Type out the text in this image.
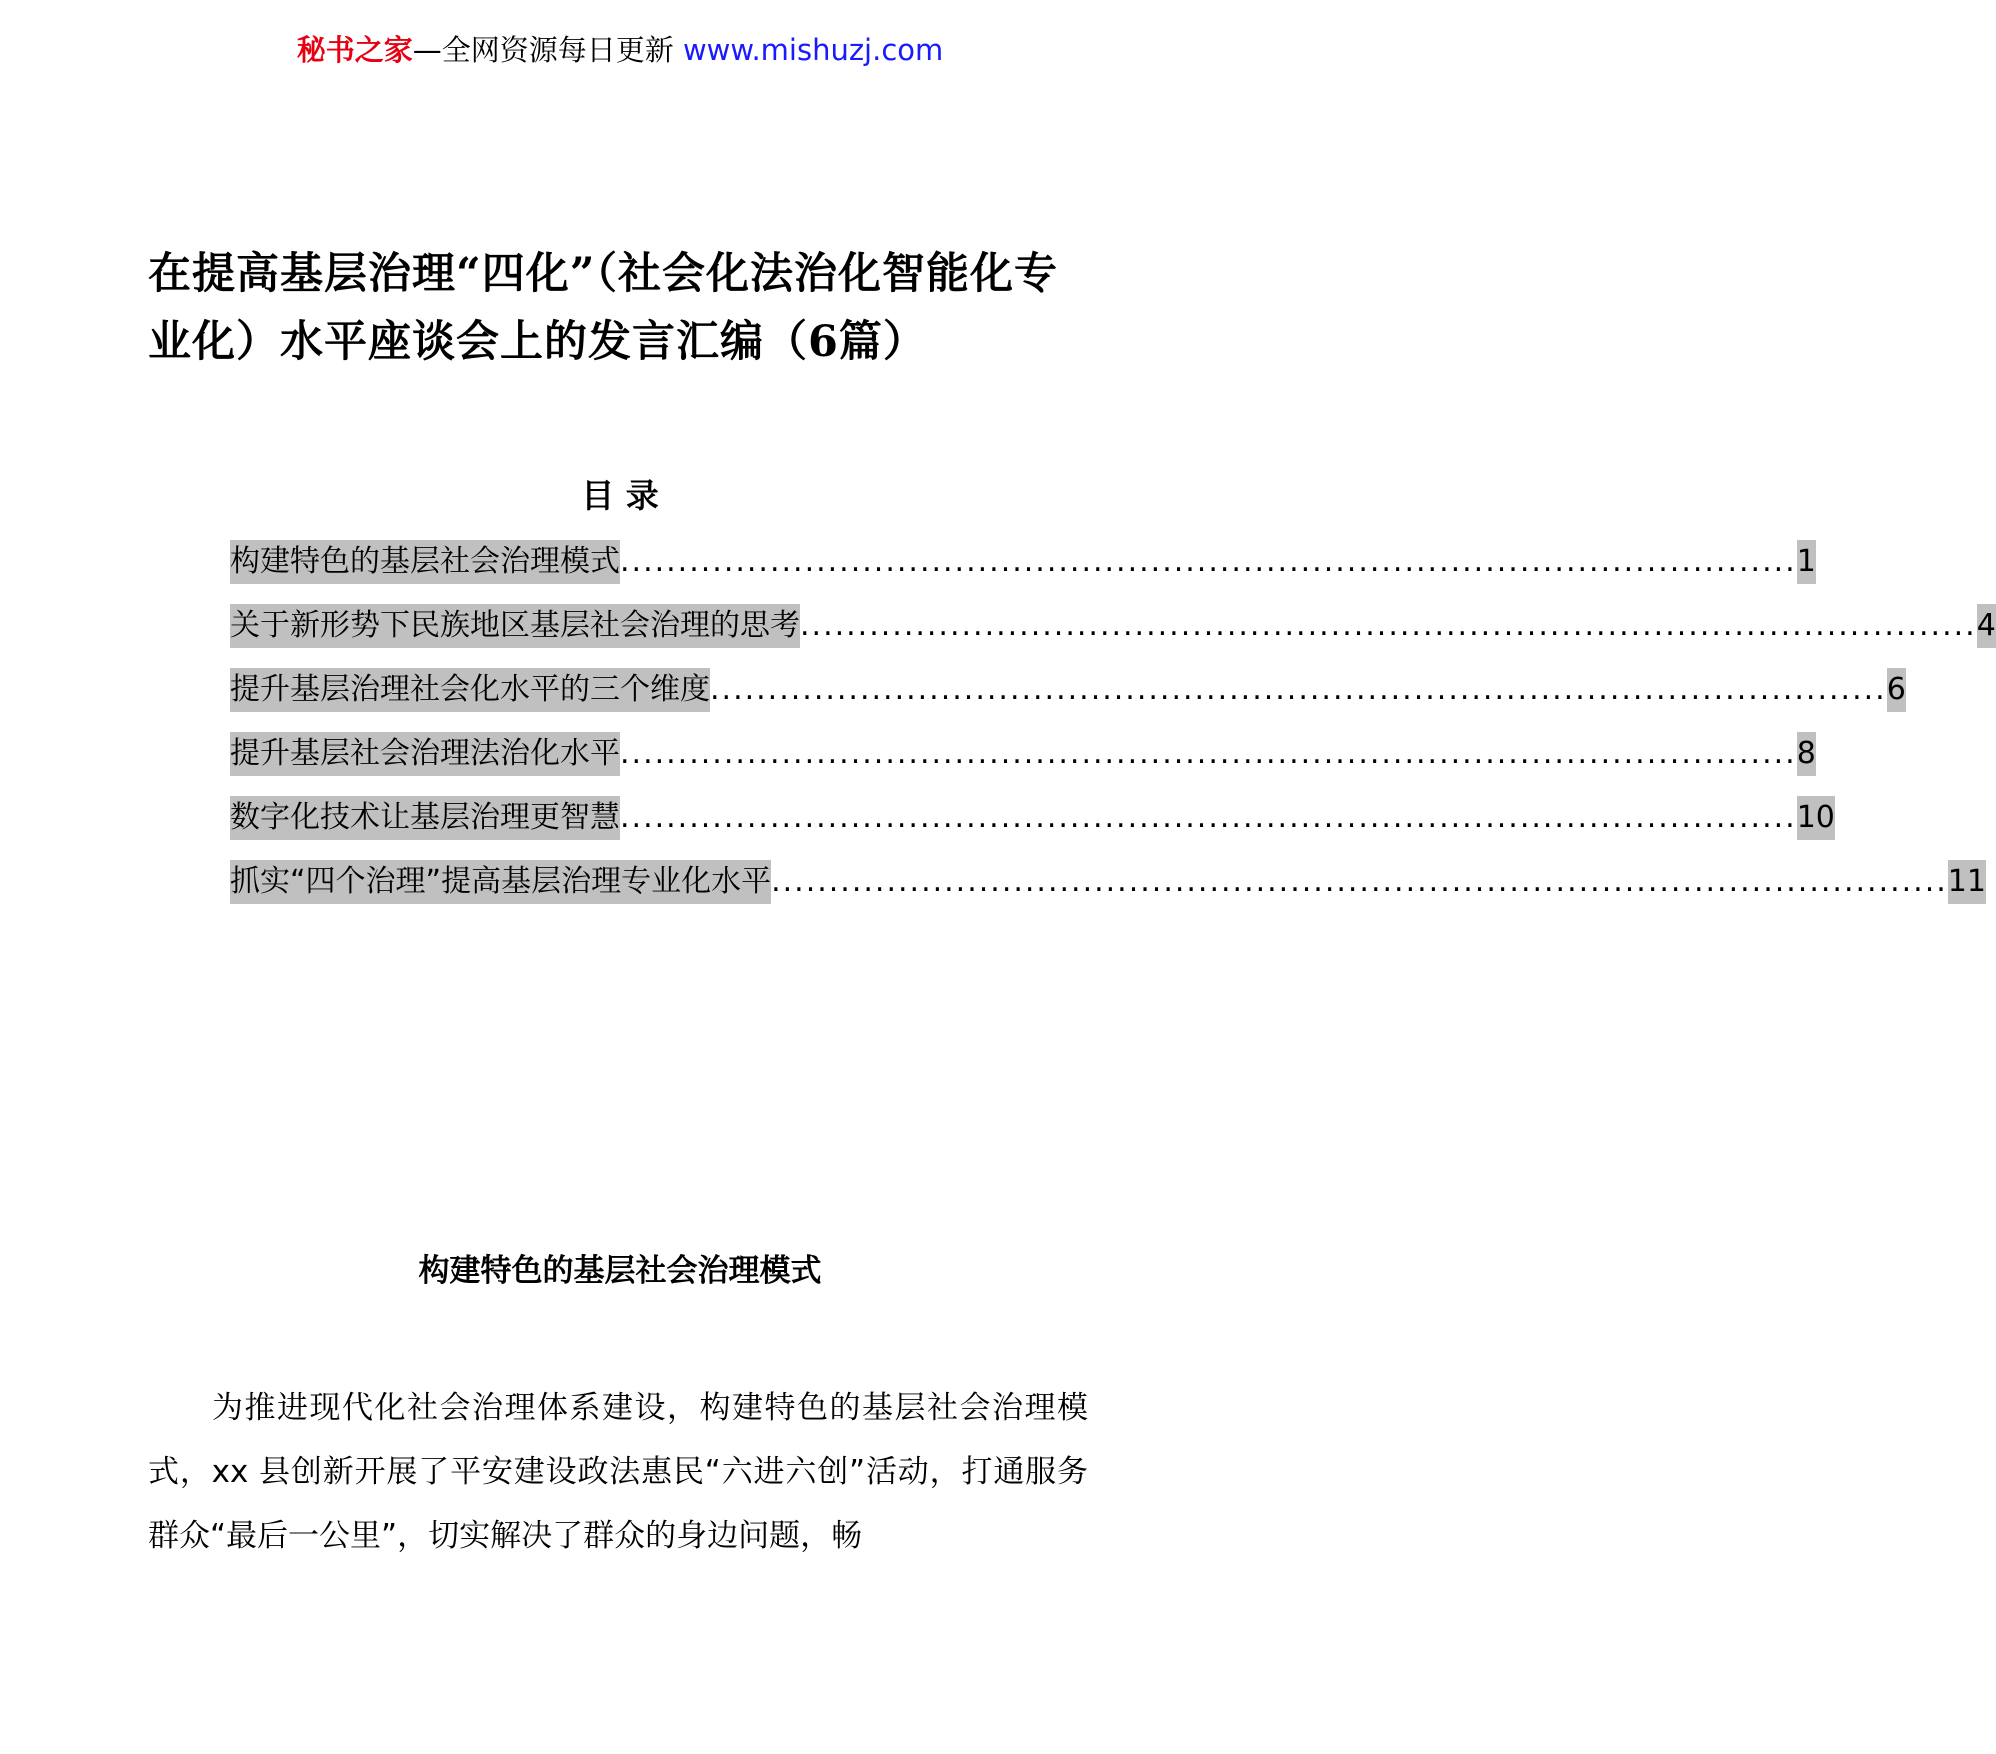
秘书之家—全网资源每日更新 www.mishuzj.com
在提高基层治理“四化”（社会化法治化智能化专业化）水平座谈会上的发言汇编（6篇）
目 录
构建特色的基层社会治理模式 ...................................................................................................... 1
关于新形势下民族地区基层社会治理的思考 ...................................................................................................... 4
提升基层治理社会化水平的三个维度 ...................................................................................................... 6
提升基层社会治理法治化水平 ...................................................................................................... 8
数字化技术让基层治理更智慧 ...................................................................................................... 10
抓实“四个治理”提高基层治理专业化水平 ...................................................................................................... 11
构建特色的基层社会治理模式

为推进现代化社会治理体系建设，构建特色的基层社会治理模式，xx 县创新开展了平安建设政法惠民“六进六创”活动，打通服务群众“最后一公里”，切实解决了群众的身边问题，畅
